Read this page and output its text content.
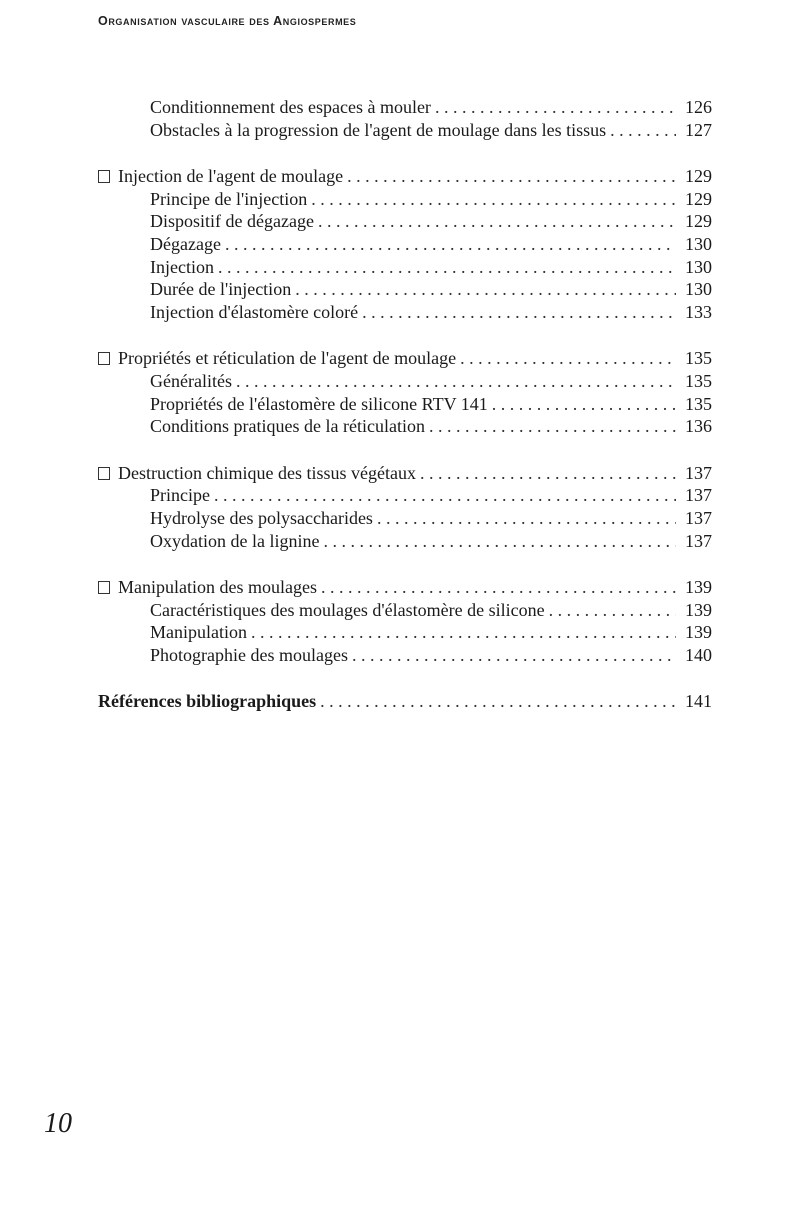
Organisation vasculaire des Angiospermes
Conditionnement des espaces à mouler . . .	126
Obstacles à la progression de l'agent de moulage dans les tissus . . .	127
Injection de l'agent de moulage . . .	129
Principe de l'injection . . .	129
Dispositif de dégazage . . .	129
Dégazage . . .	130
Injection . . .	130
Durée de l'injection . . .	130
Injection d'élastomère coloré . . .	133
Propriétés et réticulation de l'agent de moulage . . .	135
Généralités . . .	135
Propriétés de l'élastomère de silicone RTV 141 . . .	135
Conditions pratiques de la réticulation . . .	136
Destruction chimique des tissus végétaux . . .	137
Principe . . .	137
Hydrolyse des polysaccharides . . .	137
Oxydation de la lignine . . .	137
Manipulation des moulages . . .	139
Caractéristiques des moulages d'élastomère de silicone . . .	139
Manipulation . . .	139
Photographie des moulages . . .	140
Références bibliographiques . . .	141
10
